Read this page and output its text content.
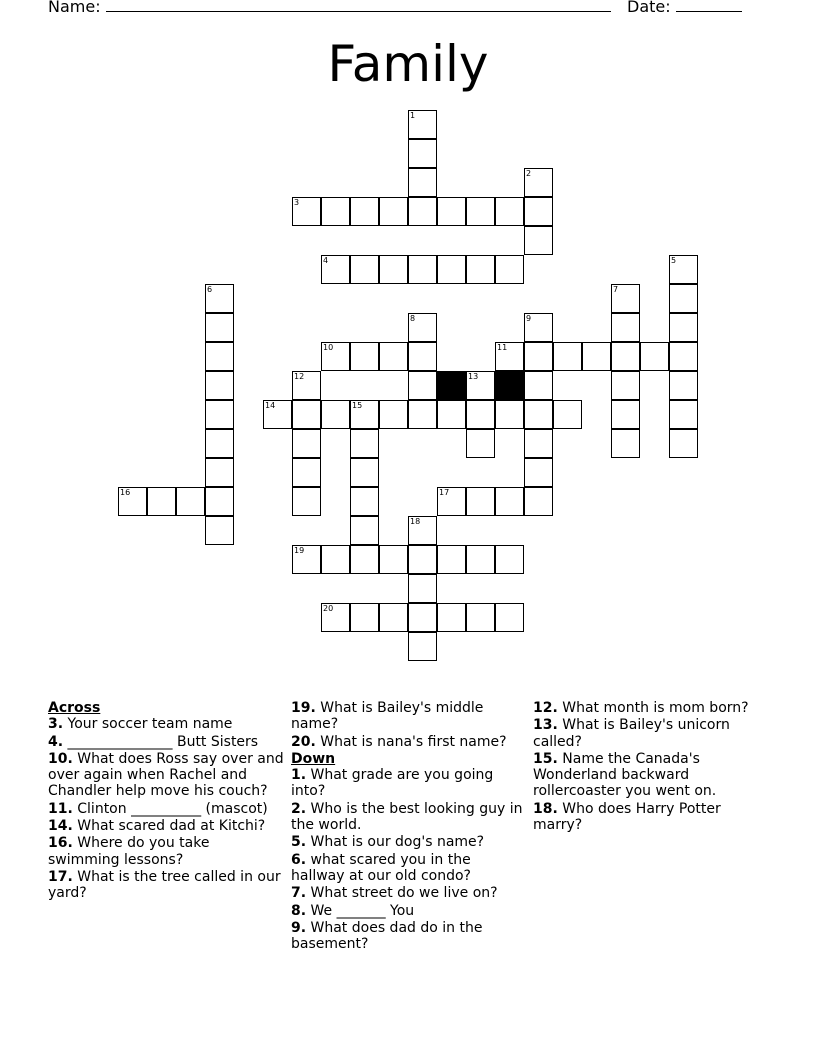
Name:	Date:
Family
1
2
3
4	5
6	7
8	9
10	11
12	13
14	15
16	17
18
19
20
Across
3. Your soccer team name
4. _______________ Butt Sisters
10. What does Ross say over and over again when Rachel and Chandler help move his couch?
11. Clinton __________ (mascot)
14. What scared dad at Kitchi?
16. Where do you take swimming lessons?
17. What is the tree called in our yard?
19. What is Bailey's middle name?
20. What is nana's first name?
Down
1. What grade are you going into?
2. Who is the best looking guy in the world.
5. What is our dog's name?
6. what scared you in the hallway at our old condo?
7. What street do we live on?
8. We _______ You
9. What does dad do in the basement?
12. What month is mom born?
13. What is Bailey's unicorn called?
15. Name the Canada's Wonderland backward rollercoaster you went on.
18. Who does Harry Potter marry?
